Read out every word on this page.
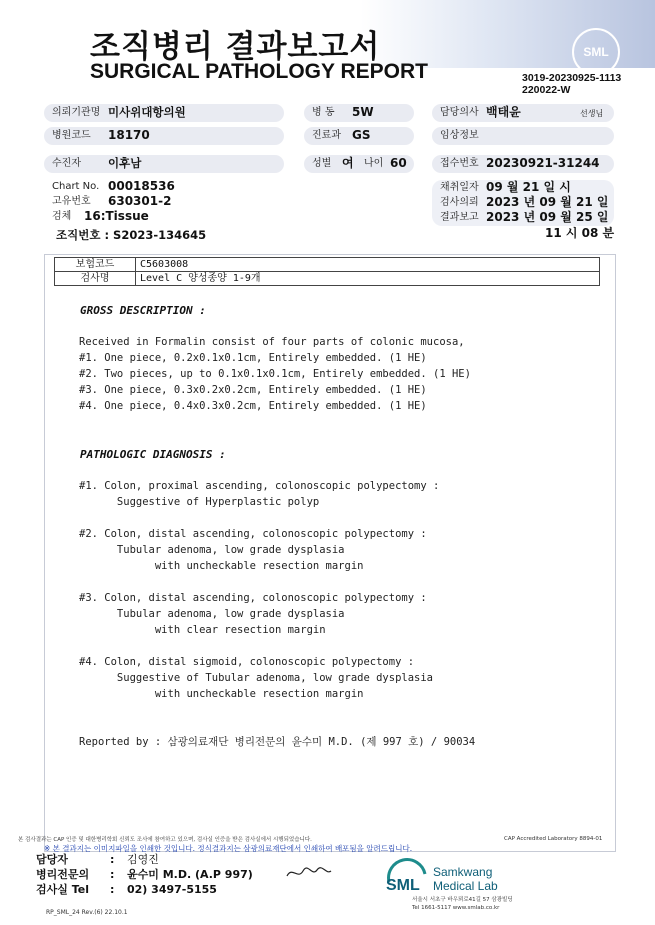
조직병리 결과보고서
SURGICAL PATHOLOGY REPORT
SML
3019-20230925-1113
220022-W
의뢰기관명 미사위대항의원	병 동 5W	담당의사 백태윤	선생님
병원코드 18170	진료과 GS	임상정보
수진자 이후남	성별 여 나이 60	접수번호 20230921-31244
Chart No. 00018536
고유번호 630301-2
검체 16:Tissue
조직번호 : S2023-134645
채취일자 09 월 21 일 시
검사의뢰 2023 년 09 월 21 일
결과보고 2023 년 09 월 25 일
11 시 08 분
보험코드	C5603008
검사명	Level C 양성종양 1-9개
GROSS DESCRIPTION :
Received in Formalin consist of four parts of colonic mucosa,
#1. One piece, 0.2x0.1x0.1cm, Entirely embedded. (1 HE)
#2. Two pieces, up to 0.1x0.1x0.1cm, Entirely embedded. (1 HE)
#3. One piece, 0.3x0.2x0.2cm, Entirely embedded. (1 HE)
#4. One piece, 0.4x0.3x0.2cm, Entirely embedded. (1 HE)
PATHOLOGIC DIAGNOSIS :
#1. Colon, proximal ascending, colonoscopic polypectomy :
Suggestive of Hyperplastic polyp
#2. Colon, distal ascending, colonoscopic polypectomy :
Tubular adenoma, low grade dysplasia
with uncheckable resection margin
#3. Colon, distal ascending, colonoscopic polypectomy :
Tubular adenoma, low grade dysplasia
with clear resection margin
#4. Colon, distal sigmoid, colonoscopic polypectomy :
Suggestive of Tubular adenoma, low grade dysplasia
with uncheckable resection margin
Reported by : 삼광의료재단 병리전문의 윤수미 M.D. (제 997 호) / 90034
본 검사결과는 CAP 인증 및 대한병리학회 신뢰도 조사에 참여하고 있으며, 검사실 인증을 받은 검사실에서 시행되었습니다.	CAP Accredited Laboratory 8894-01
※ 본 결과지는 이미지파일을 인쇄한 것입니다. 정식결과지는 삼광의료재단에서 인쇄하여 배포됨을 알려드립니다.
담당자	: 김영진
병리전문의 : 윤수미 M.D. (A.P 997)
검사실 Tel : 02) 3497-5155	SML
Samkwang
Medical Lab
서울시 서초구 바우뫼로41길 57 삼광빌딩
Tel 1661-5117 www.smlab.co.kr
RP_SML_24 Rev.(6) 22.10.1
